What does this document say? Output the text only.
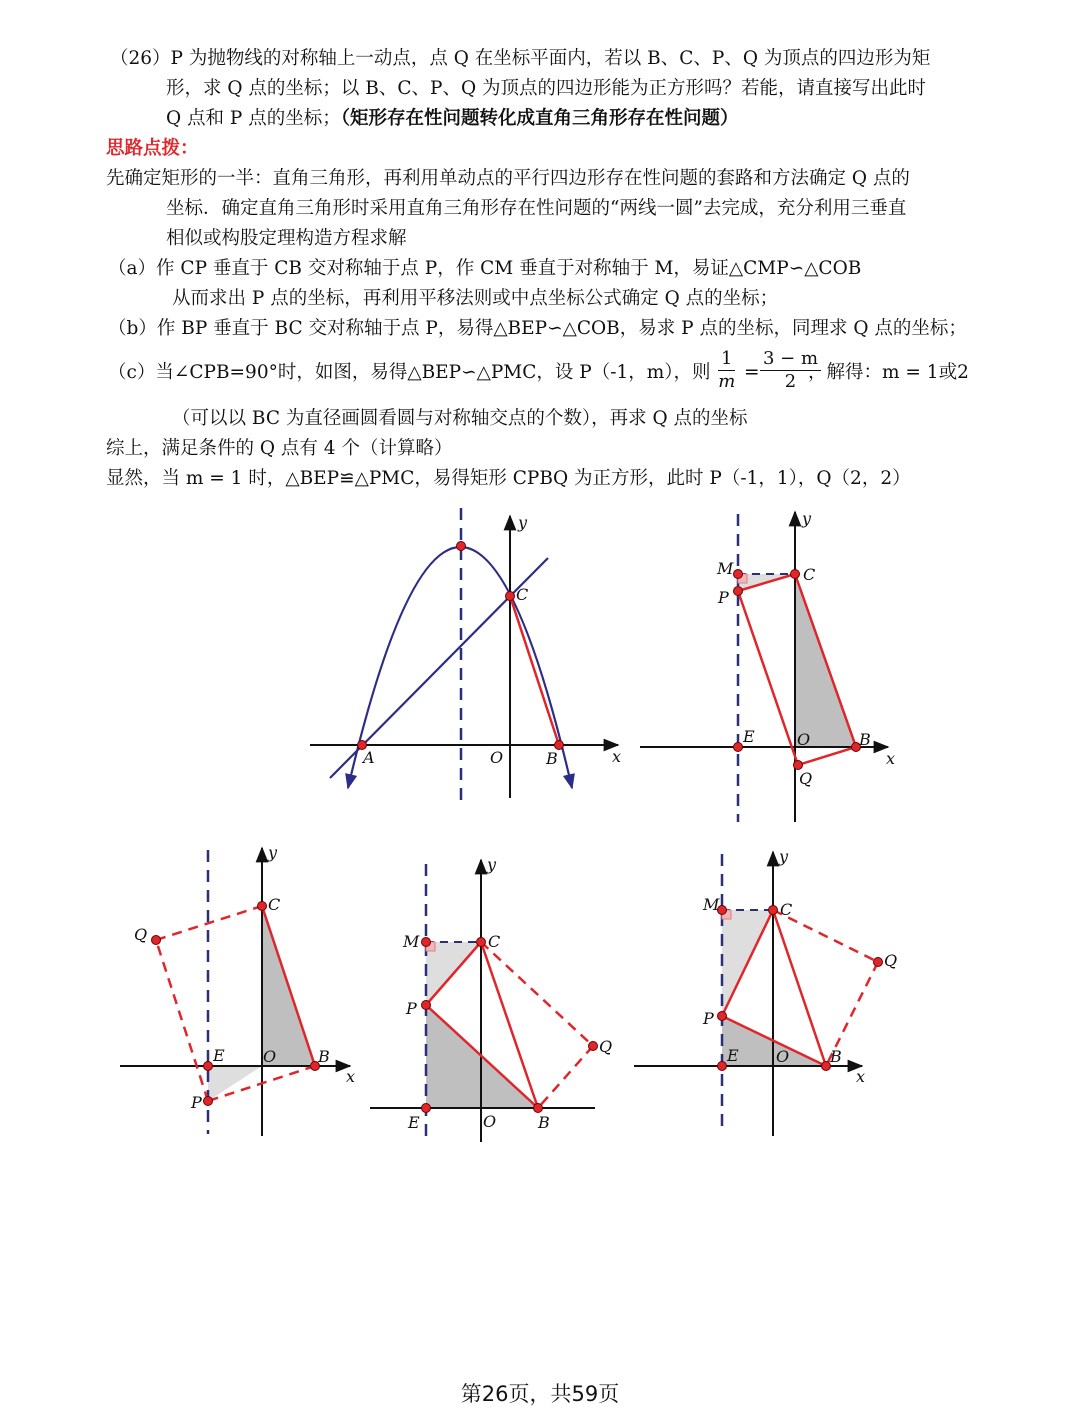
（26）P 为抛物线的对称轴上一动点，点 Q 在坐标平面内，若以 B、C、P、Q 为顶点的四边形为矩
形，求 Q 点的坐标；以 B、C、P、Q 为顶点的四边形能为正方形吗？若能，请直接写出此时
Q 点和 P 点的坐标；（矩形存在性问题转化成直角三角形存在性问题）
思路点拨：
先确定矩形的一半：直角三角形，再利用单动点的平行四边形存在性问题的套路和方法确定 Q 点的
坐标．确定直角三角形时采用直角三角形存在性问题的“两线一圆”去完成，充分利用三垂直
相似或构股定理构造方程求解
（a）作 CP 垂直于 CB 交对称轴于点 P，作 CM 垂直于对称轴于 M，易证△CMP∽△COB
从而求出 P 点的坐标，再利用平移法则或中点坐标公式确定 Q 点的坐标；
（b）作 BP 垂直于 BC 交对称轴于点 P，易得△BEP∽△COB，易求 P 点的坐标，同理求 Q 点的坐标；
（c）当∠CPB=90°时，如图，易得△BEP∽△PMC，设 P（-1，m），则 $\frac{1}{m} = \frac{3 - m}{2}$
，解得：m = 1或2
（可以以 BC 为直径画圆看圆与对称轴交点的个数），再求 Q 点的坐标
综上，满足条件的 Q 点有 4 个（计算略）
显然，当 m = 1 时，△BEP≌△PMC，易得矩形 CPBQ 为正方形，此时 P（-1，1），Q（2，2）
y
x
C
A	O	B
y
x
M
P
C
E	O	B
Q
y
x
C
Q
E O	B
P
y
M	C
P
Q
E	O	B
y
x
M	C
P
Q
E O	B
第26页，共59页
